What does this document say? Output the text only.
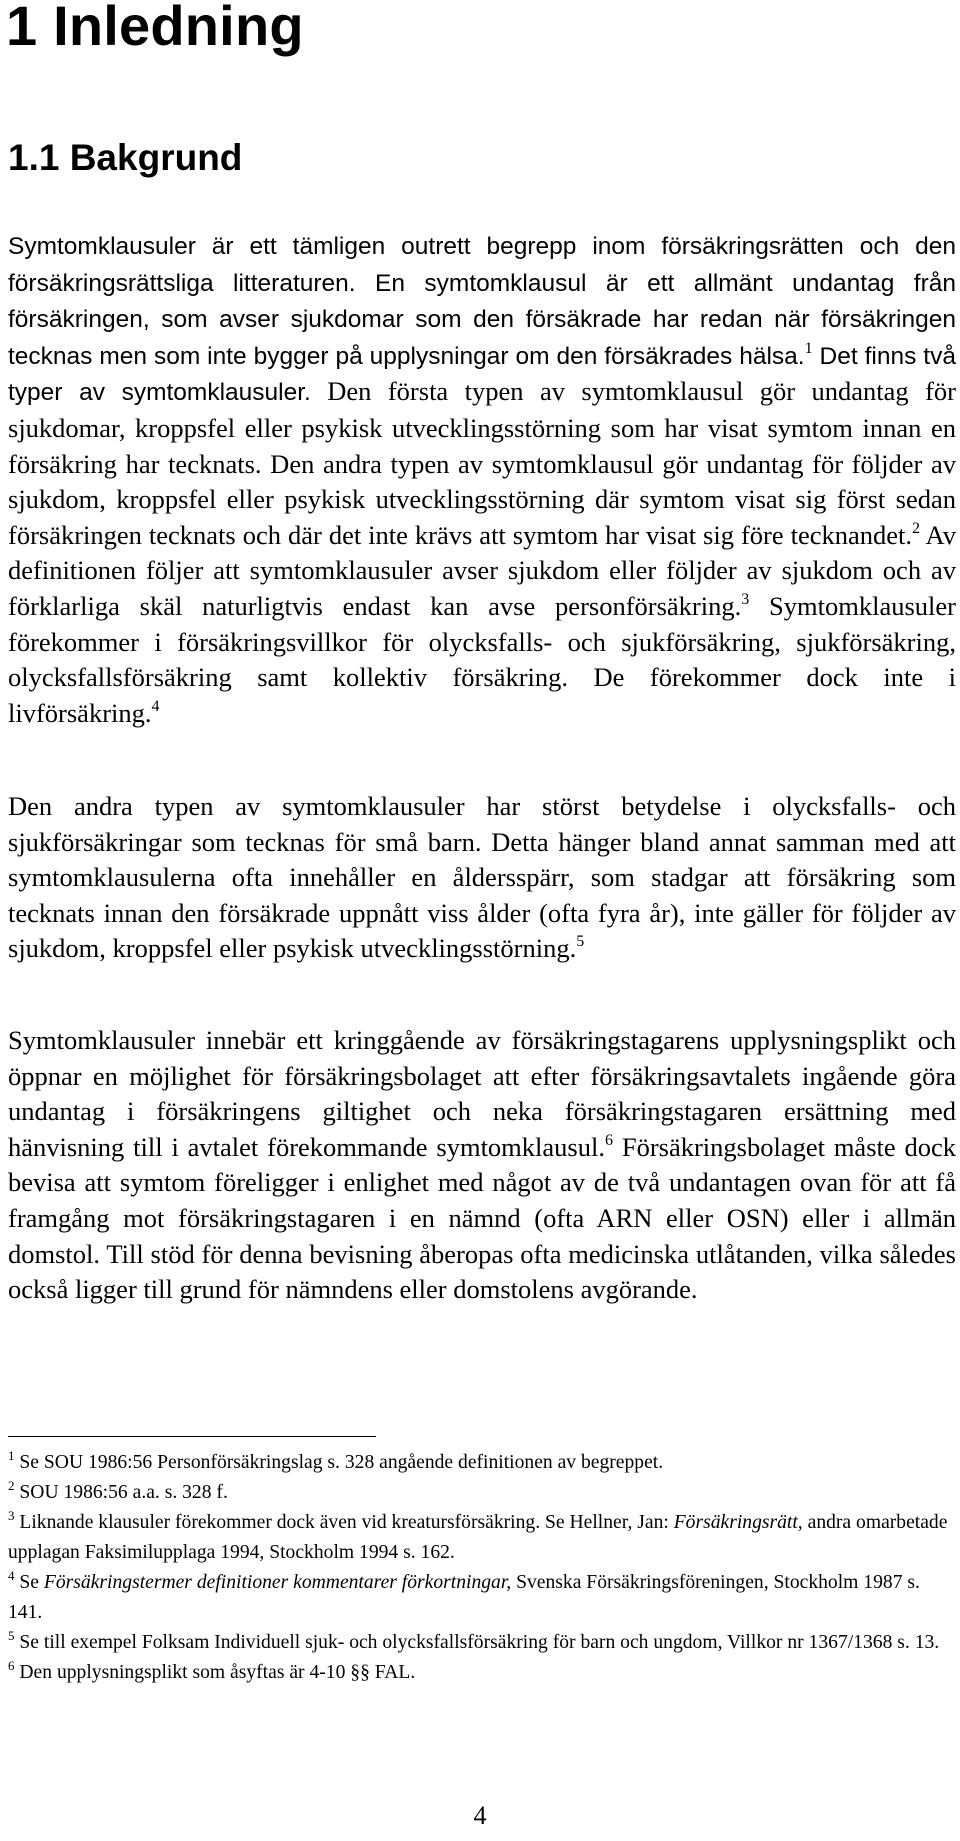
1 Inledning
1.1 Bakgrund

Symtomklausuler är ett tämligen outrett begrepp inom försäkringsrätten och den försäkringsrättsliga litteraturen. En symtomklausul är ett allmänt undantag från försäkringen, som avser sjukdomar som den försäkrade har redan när försäkringen tecknas men som inte bygger på upplysningar om den försäkrades hälsa.$^1$ Det finns två typer av symtomklausuler. Den första typen av symtomklausul gör undantag för sjukdomar, kroppsfel eller psykisk utvecklingsstörning som har visat symtom innan en försäkring har tecknats. Den andra typen av symtomklausul gör undantag för följder av sjukdom, kroppsfel eller psykisk utvecklingsstörning där symtom visat sig först sedan försäkringen tecknats och där det inte krävs att symtom har visat sig före tecknandet.$^2$ Av definitionen följer att symtomklausuler avser sjukdom eller följder av sjukdom och av förklarliga skäl naturligtvis endast kan avse personförsäkring.$^3$ Symtomklausuler förekommer i försäkringsvillkor för olycksfalls- och sjukförsäkring, sjukförsäkring, olycksfallsförsäkring samt kollektiv försäkring. De förekommer dock inte i livförsäkring.$^4$

Den andra typen av symtomklausuler har störst betydelse i olycksfalls- och sjukförsäkringar som tecknas för små barn. Detta hänger bland annat samman med att symtomklausulerna ofta innehåller en åldersspärr, som stadgar att försäkring som tecknats innan den försäkrade uppnått viss ålder (ofta fyra år), inte gäller för följder av sjukdom, kroppsfel eller psykisk utvecklingsstörning.$^5$

Symtomklausuler innebär ett kringgående av försäkringstagarens upplysningsplikt och öppnar en möjlighet för försäkringsbolaget att efter försäkringsavtalets ingående göra undantag i försäkringens giltighet och neka försäkringstagaren ersättning med hänvisning till i avtalet förekommande symtomklausul.$^6$ Försäkringsbolaget måste dock bevisa att symtom föreligger i enlighet med något av de två undantagen ovan för att få framgång mot försäkringstagaren i en nämnd (ofta ARN eller OSN) eller i allmän domstol. Till stöd för denna bevisning åberopas ofta medicinska utlåtanden, vilka således också ligger till grund för nämndens eller domstolens avgörande.

$^1$ Se SOU 1986:56 Personförsäkringslag s. 328 angående definitionen av begreppet.

$^2$ SOU 1986:56 a.a. s. 328 f.

$^3$ Liknande klausuler förekommer dock även vid kreatursförsäkring. Se Hellner, Jan: Försäkringsrätt, andra omarbetade upplagan Faksimilupplaga 1994, Stockholm 1994 s. 162.

$^4$ Se Försäkringstermer definitioner kommentarer förkortningar, Svenska Försäkringsföreningen, Stockholm 1987 s. 141.

$^5$ Se till exempel Folksam Individuell sjuk- och olycksfallsförsäkring för barn och ungdom, Villkor nr 1367/1368 s. 13.

$^6$ Den upplysningsplikt som åsyftas är 4-10 §§ FAL.

4
